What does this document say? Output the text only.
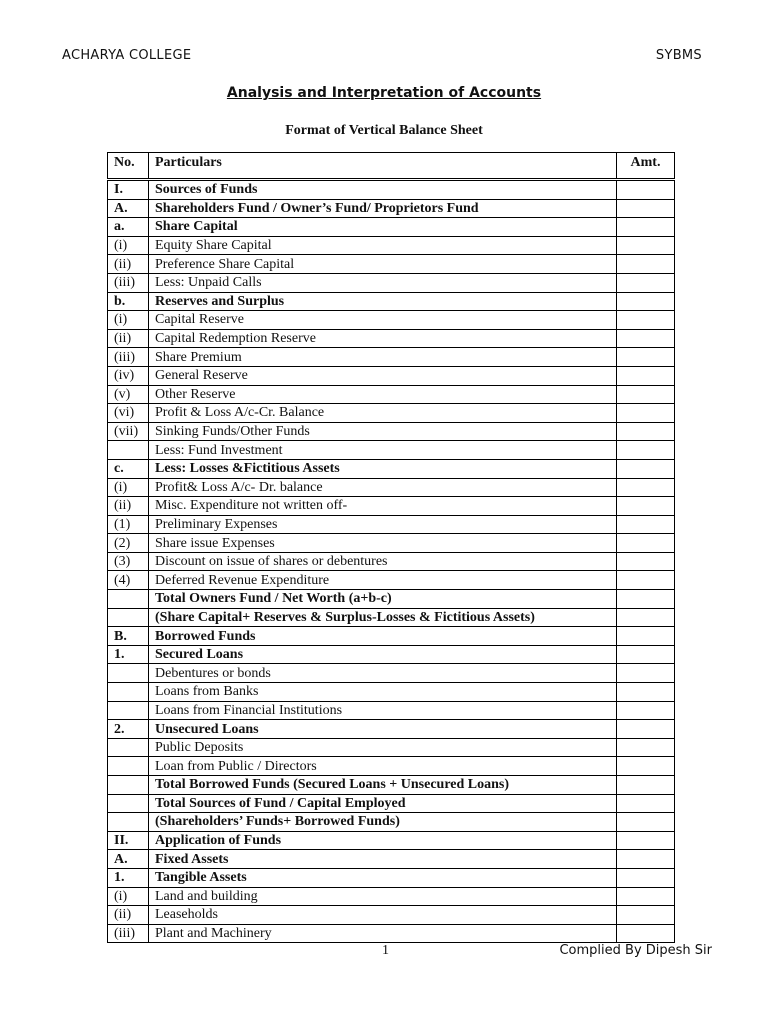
ACHARYA COLLEGE	SYBMS
Analysis and Interpretation of Accounts
Format of Vertical Balance Sheet
No.	Particulars	Amt.
I.	Sources of Funds	
A.	Shareholders Fund / Owner’s Fund/ Proprietors Fund	
a.	Share Capital	
(i)	Equity Share Capital	
(ii)	Preference Share Capital	
(iii)	Less: Unpaid Calls	
b.	Reserves and Surplus	
(i)	Capital Reserve	
(ii)	Capital Redemption Reserve	
(iii)	Share Premium	
(iv)	General Reserve	
(v)	Other Reserve	
(vi)	Profit & Loss A/c-Cr. Balance	
(vii)	Sinking Funds/Other Funds	
	Less: Fund Investment	
c.	Less: Losses &Fictitious Assets	
(i)	Profit& Loss A/c- Dr. balance	
(ii)	Misc. Expenditure not written off-	
(1)	Preliminary Expenses	
(2)	Share issue Expenses	
(3)	Discount on issue of shares or debentures	
(4)	Deferred Revenue Expenditure	
	Total Owners Fund / Net Worth (a+b-c)	
	(Share Capital+ Reserves & Surplus-Losses & Fictitious Assets)	
B.	Borrowed Funds	
1.	Secured Loans	
	Debentures or bonds	
	Loans from Banks	
	Loans from Financial Institutions	
2.	Unsecured Loans	
	Public Deposits	
	Loan from Public / Directors	
	Total Borrowed Funds (Secured Loans + Unsecured Loans)	
	Total Sources of Fund / Capital Employed	
	(Shareholders’ Funds+ Borrowed Funds)	
II.	Application of Funds	
A.	Fixed Assets	
1.	Tangible Assets	
(i)	Land and building	
(ii)	Leaseholds	
(iii)	Plant and Machinery	
1	Complied By Dipesh Sir
